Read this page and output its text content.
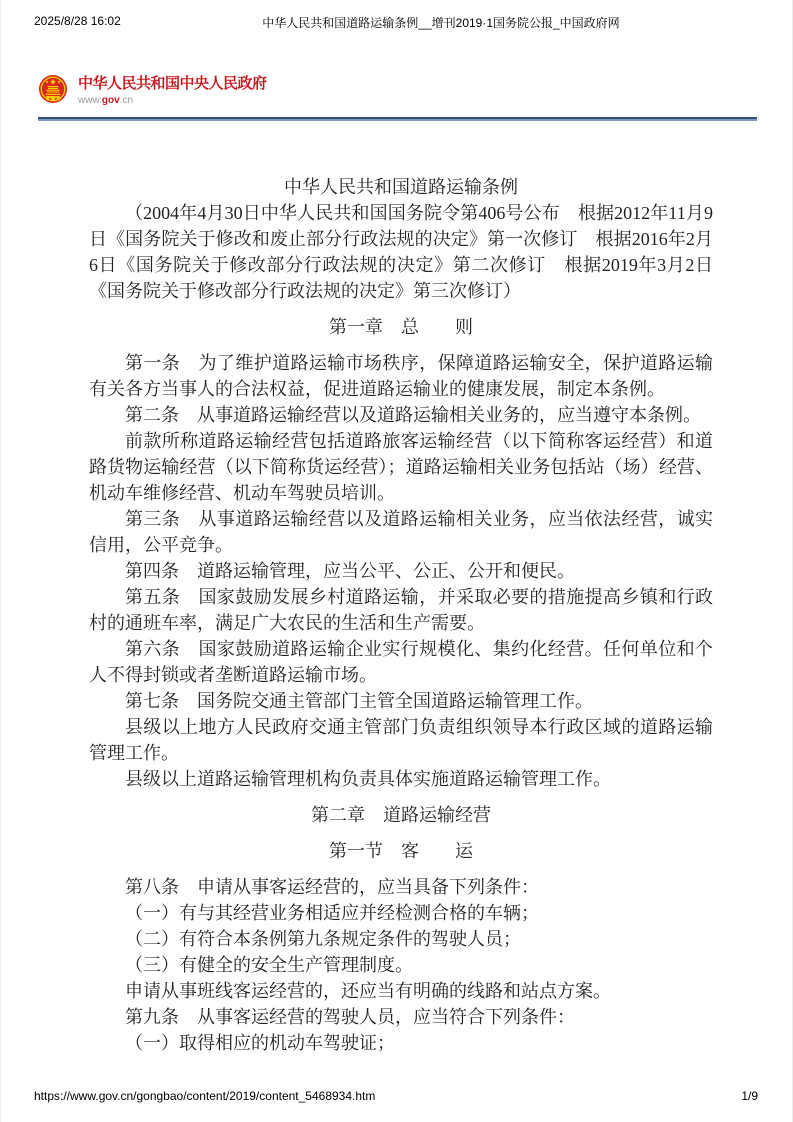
2025/8/28 16:02	中华人民共和国道路运输条例__增刊2019·1国务院公报_中国政府网
中华人民共和国中央人民政府
www.gov.cn

中华人民共和国道路运输条例

（2004年4月30日中华人民共和国国务院令第406号公布　根据2012年11月9日《国务院关于修改和废止部分行政法规的决定》第一次修订　根据2016年2月6日《国务院关于修改部分行政法规的决定》第二次修订　根据2019年3月2日《国务院关于修改部分行政法规的决定》第三次修订）

第一章　总　　则

第一条　为了维护道路运输市场秩序，保障道路运输安全，保护道路运输有关各方当事人的合法权益，促进道路运输业的健康发展，制定本条例。

第二条　从事道路运输经营以及道路运输相关业务的，应当遵守本条例。

前款所称道路运输经营包括道路旅客运输经营（以下简称客运经营）和道路货物运输经营（以下简称货运经营）；道路运输相关业务包括站（场）经营、机动车维修经营、机动车驾驶员培训。

第三条　从事道路运输经营以及道路运输相关业务，应当依法经营，诚实信用，公平竞争。

第四条　道路运输管理，应当公平、公正、公开和便民。

第五条　国家鼓励发展乡村道路运输，并采取必要的措施提高乡镇和行政村的通班车率，满足广大农民的生活和生产需要。

第六条　国家鼓励道路运输企业实行规模化、集约化经营。任何单位和个人不得封锁或者垄断道路运输市场。

第七条　国务院交通主管部门主管全国道路运输管理工作。

县级以上地方人民政府交通主管部门负责组织领导本行政区域的道路运输管理工作。

县级以上道路运输管理机构负责具体实施道路运输管理工作。

第二章　道路运输经营

第一节　客　　运

第八条　申请从事客运经营的，应当具备下列条件：

（一）有与其经营业务相适应并经检测合格的车辆；

（二）有符合本条例第九条规定条件的驾驶人员；

（三）有健全的安全生产管理制度。

申请从事班线客运经营的，还应当有明确的线路和站点方案。

第九条　从事客运经营的驾驶人员，应当符合下列条件：

（一）取得相应的机动车驾驶证；

https://www.gov.cn/gongbao/content/2019/content_5468934.htm	1/9
